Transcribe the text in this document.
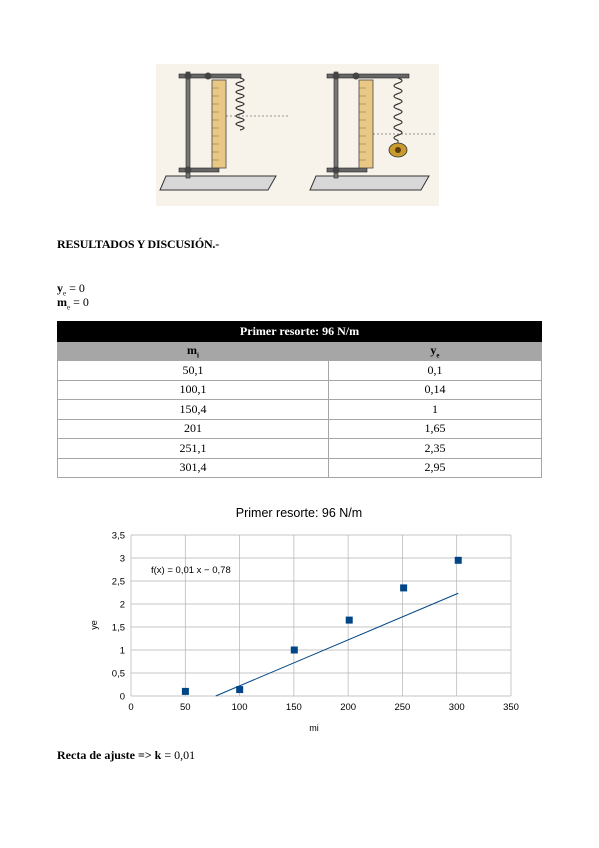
RESULTADOS Y DISCUSIÓN.-
$y_e = 0$
$m_e = 0$
Primer resorte: 96 N/m	
$m_i$	$y_e$
50,1	0,1
100,1	0,14
150,4	1
201	1,65
251,1	2,35
301,4	2,95
Primer resorte: 96 N/m
0
0,5
1
1,5
2
2,5
3
3,5
0	50	100	150	200	250	300	350
f(x) = 0,01 x − 0,78
mi
ye
Recta de ajuste => k = 0,01
